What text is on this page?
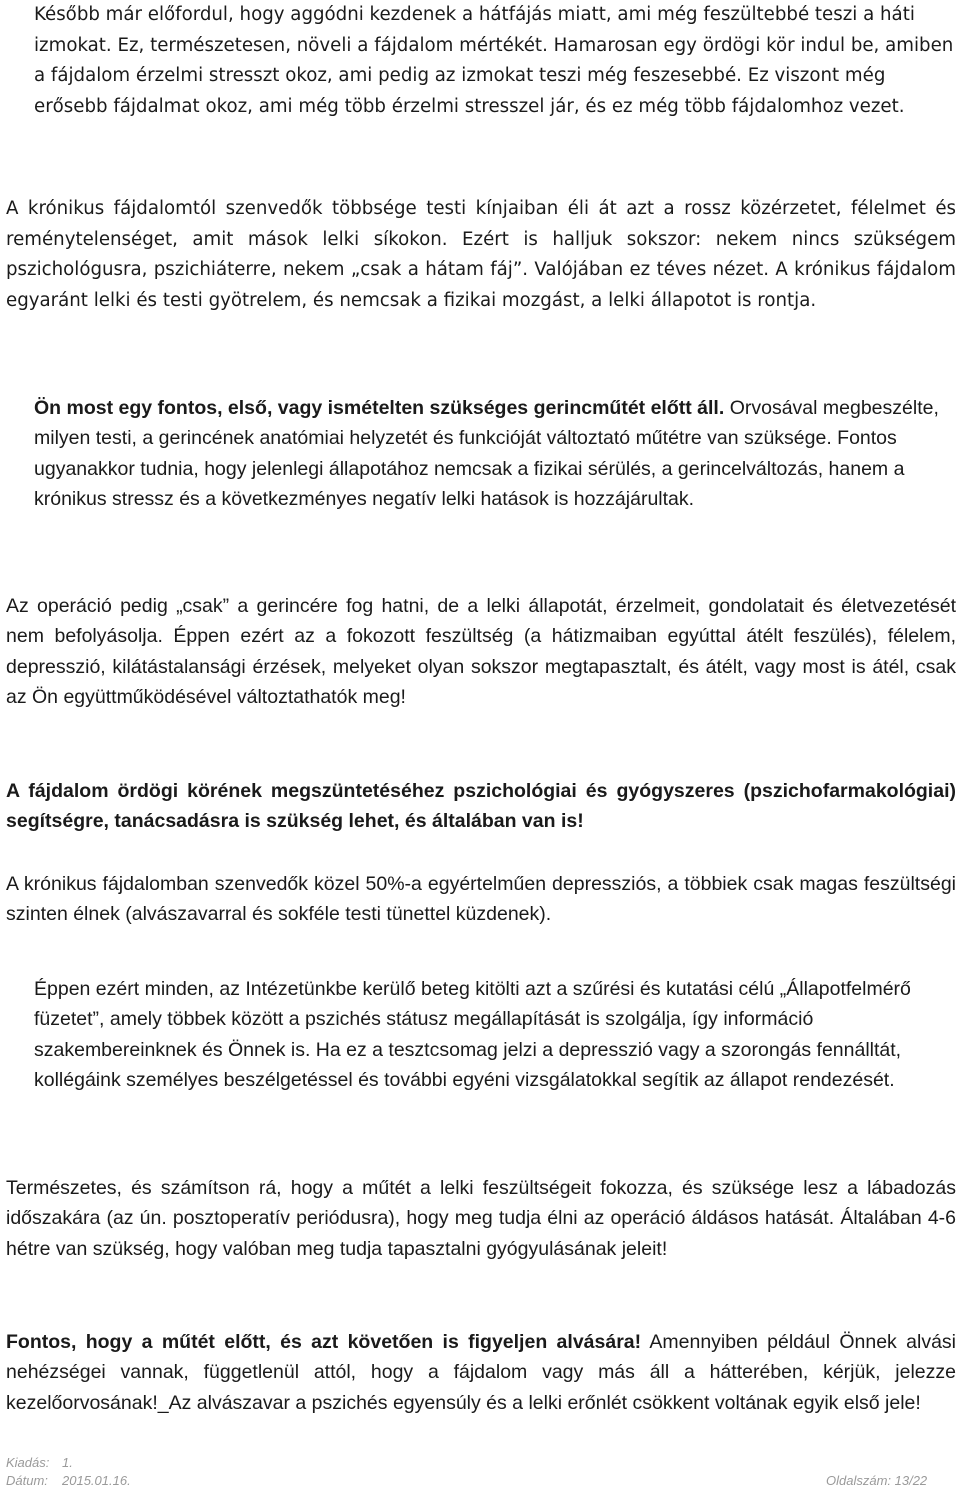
Később már előfordul, hogy aggódni kezdenek a hátfájás miatt, ami még feszültebbé teszi a háti izmokat. Ez, természetesen, növeli a fájdalom mértékét. Hamarosan egy ördögi kör indul be, amiben a fájdalom érzelmi stresszt okoz, ami pedig az izmokat teszi még feszesebbé. Ez viszont még erősebb fájdalmat okoz, ami még több érzelmi stresszel jár, és ez még több fájdalomhoz vezet.

A krónikus fájdalomtól szenvedők többsége testi kínjaiban éli át azt a rossz közérzetet, félelmet és reménytelenséget, amit mások lelki síkokon. Ezért is halljuk sokszor: nekem nincs szükségem pszichológusra, pszichiáterre, nekem „csak a hátam fáj”. Valójában ez téves nézet. A krónikus fájdalom egyaránt lelki és testi gyötrelem, és nemcsak a fizikai mozgást, a lelki állapotot is rontja.

Ön most egy fontos, első, vagy ismételten szükséges gerincműtét előtt áll. Orvosával megbeszélte, milyen testi, a gerincének anatómiai helyzetét és funkcióját változtató műtétre van szüksége. Fontos ugyanakkor tudnia, hogy jelenlegi állapotához nemcsak a fizikai sérülés, a gerincelváltozás, hanem a krónikus stressz és a következményes negatív lelki hatások is hozzájárultak.

Az operáció pedig „csak” a gerincére fog hatni, de a lelki állapotát, érzelmeit, gondolatait és életvezetését nem befolyásolja. Éppen ezért az a fokozott feszültség (a hátizmaiban egyúttal átélt feszülés), félelem, depresszió, kilátástalansági érzések, melyeket olyan sokszor megtapasztalt, és átélt, vagy most is átél, csak az Ön együttműködésével változtathatók meg!

A fájdalom ördögi körének megszüntetéséhez pszichológiai és gyógyszeres (pszichofarmakológiai) segítségre, tanácsadásra is szükség lehet, és általában van is!

A krónikus fájdalomban szenvedők közel 50%-a egyértelműen depressziós, a többiek csak magas feszültségi szinten élnek (alvászavarral és sokféle testi tünettel küzdenek).

Éppen ezért minden, az Intézetünkbe kerülő beteg kitölti azt a szűrési és kutatási célú „Állapotfelmérő füzetet”, amely többek között a pszichés státusz megállapítását is szolgálja, így információ szakembereinknek és Önnek is. Ha ez a tesztcsomag jelzi a depresszió vagy a szorongás fennálltát, kollégáink személyes beszélgetéssel és további egyéni vizsgálatokkal segítik az állapot rendezését.

Természetes, és számítson rá, hogy a műtét a lelki feszültségeit fokozza, és szüksége lesz a lábadozás időszakára (az ún. posztoperatív periódusra), hogy meg tudja élni az operáció áldásos hatását. Általában 4-6 hétre van szükség, hogy valóban meg tudja tapasztalni gyógyulásának jeleit!

Fontos, hogy a műtét előtt, és azt követően is figyeljen alvására! Amennyiben például Önnek alvási nehézségei vannak, függetlenül attól, hogy a fájdalom vagy más áll a hátterében, kérjük, jelezze kezelőorvosának!_Az alvászavar a pszichés egyensúly és a lelki erőnlét csökkent voltának egyik első jele!

Kiadás: 1.
Dátum: 2015.01.16.	Oldalszám: 13/22
